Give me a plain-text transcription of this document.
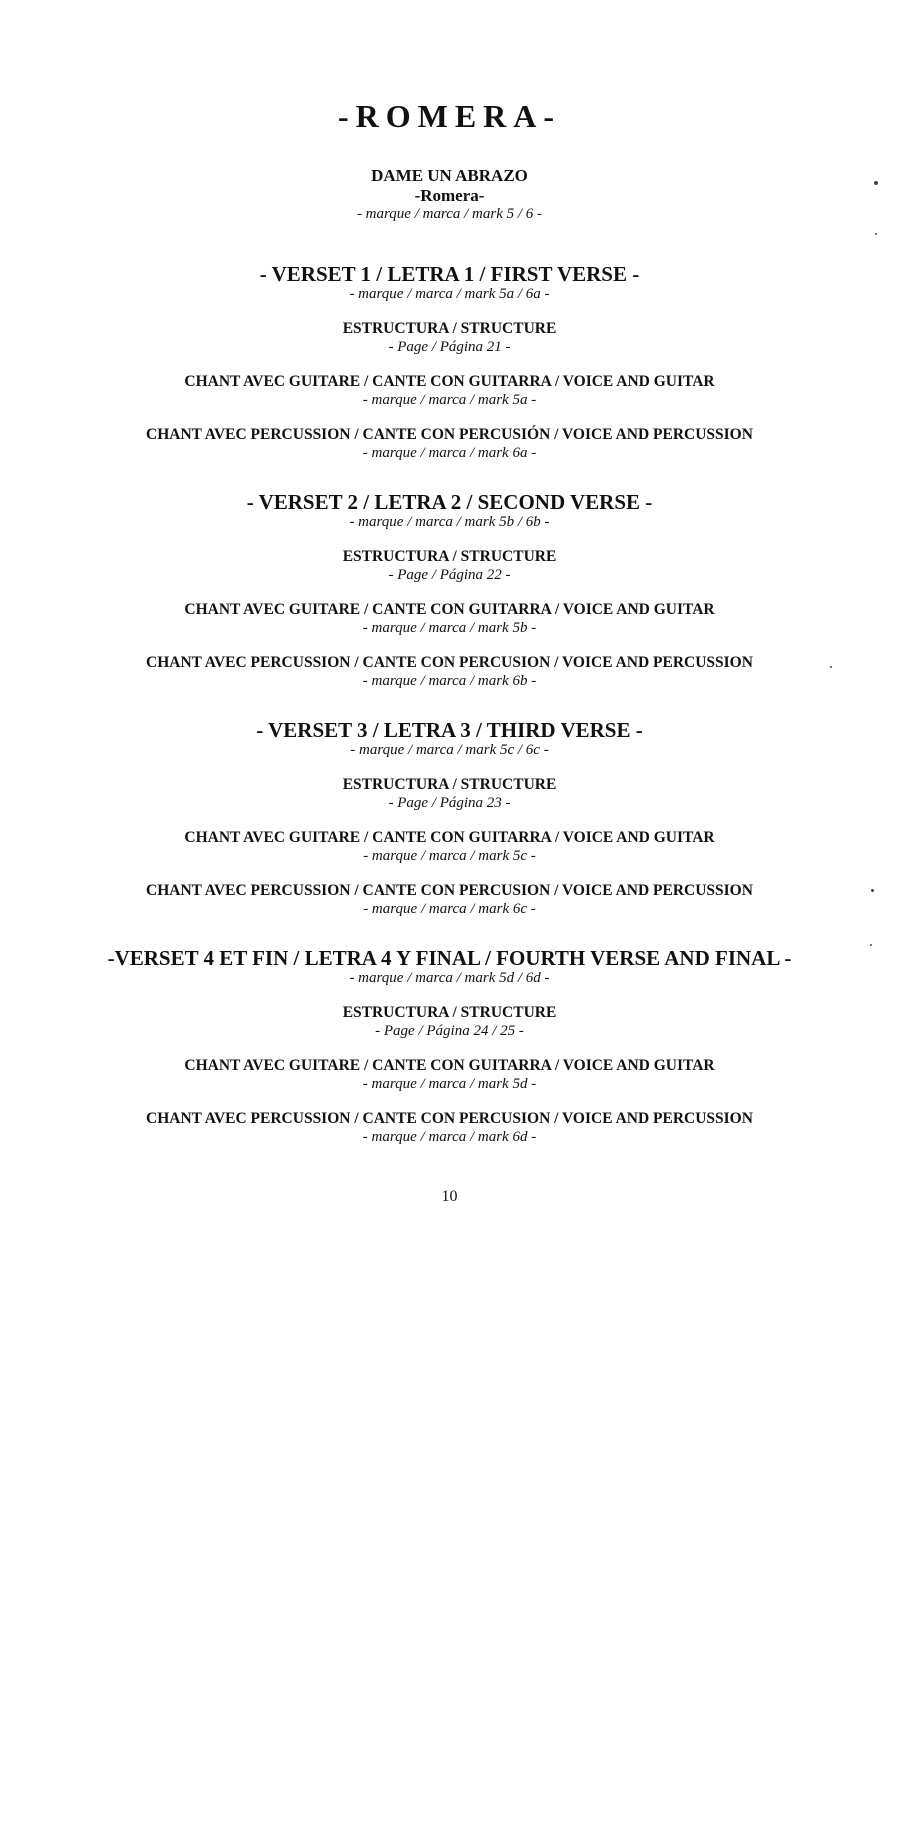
-ROMERA-
DAME UN ABRAZO
-Romera-
- marque / marca / mark 5 / 6 -
- VERSET 1 / LETRA 1 / FIRST VERSE -
- marque / marca / mark 5a / 6a -
ESTRUCTURA / STRUCTURE
- Page / Página 21 -
CHANT AVEC GUITARE / CANTE CON GUITARRA / VOICE AND GUITAR
- marque / marca / mark 5a -
CHANT AVEC PERCUSSION / CANTE CON PERCUSIÓN / VOICE AND PERCUSSION
- marque / marca / mark 6a -
- VERSET 2 / LETRA 2 / SECOND VERSE -
- marque / marca / mark 5b / 6b -
ESTRUCTURA / STRUCTURE
- Page / Página 22 -
CHANT AVEC GUITARE / CANTE CON GUITARRA / VOICE AND GUITAR
- marque / marca / mark 5b -
CHANT AVEC PERCUSSION / CANTE CON PERCUSION / VOICE AND PERCUSSION
- marque / marca / mark 6b -
- VERSET 3 / LETRA 3 / THIRD VERSE -
- marque / marca / mark 5c / 6c -
ESTRUCTURA / STRUCTURE
- Page / Página 23 -
CHANT AVEC GUITARE / CANTE CON GUITARRA / VOICE AND GUITAR
- marque / marca / mark 5c -
CHANT AVEC PERCUSSION / CANTE CON PERCUSION / VOICE AND PERCUSSION
- marque / marca / mark 6c -
-VERSET 4 ET FIN / LETRA 4 Y FINAL / FOURTH VERSE AND FINAL -
- marque / marca / mark 5d / 6d -
ESTRUCTURA / STRUCTURE
- Page / Página 24 / 25 -
CHANT AVEC GUITARE / CANTE CON GUITARRA / VOICE AND GUITAR
- marque / marca / mark 5d -
CHANT AVEC PERCUSSION / CANTE CON PERCUSION / VOICE AND PERCUSSION
- marque / marca / mark 6d -
10
